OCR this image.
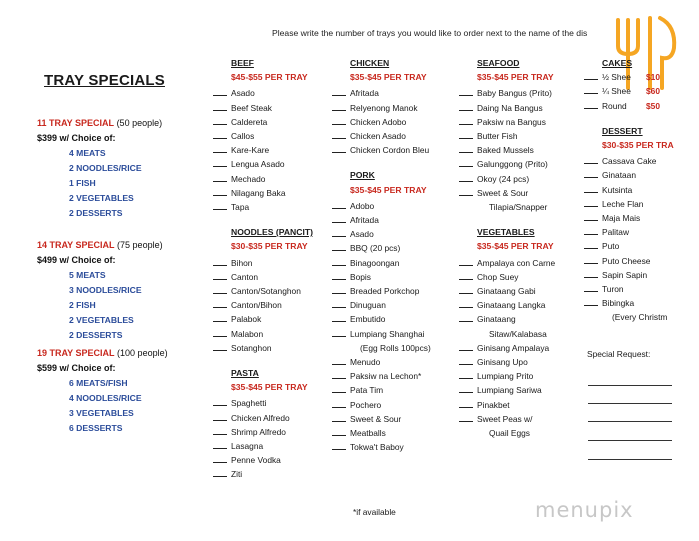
Please write the number of trays you would like to order next to the name of the dis
TRAY SPECIALS
11 TRAY SPECIAL (50 people)
$399 w/ Choice of:
4 MEATS
2 NOODLES/RICE
1 FISH
2 VEGETABLES
2 DESSERTS
14 TRAY SPECIAL (75 people)
$499 w/ Choice of:
5 MEATS
3 NOODLES/RICE
2 FISH
2 VEGETABLES
2 DESSERTS
19 TRAY SPECIAL (100 people)
$599 w/ Choice of:
6 MEATS/FISH
4 NOODLES/RICE
3 VEGETABLES
6 DESSERTS
BEEF
$45-$55 PER TRAY
Asado
Beef Steak
Caldereta
Callos
Kare-Kare
Lengua Asado
Mechado
Nilagang Baka
Tapa
NOODLES (PANCIT)
$30-$35 PER TRAY
Bihon
Canton
Canton/Sotanghon
Canton/Bihon
Palabok
Malabon
Sotanghon
PASTA
$35-$45 PER TRAY
Spaghetti
Chicken Alfredo
Shrimp Alfredo
Lasagna
Penne Vodka
Ziti
CHICKEN
$35-$45 PER TRAY
Afritada
Relyenong Manok
Chicken Adobo
Chicken Asado
Chicken Cordon Bleu
PORK
$35-$45 PER TRAY
Adobo
Afritada
Asado
BBQ (20 pcs)
Binagoongan
Bopis
Breaded Porkchop
Dinuguan
Embutido
Lumpiang Shanghai
(Egg Rolls 100pcs)
Menudo
Paksiw na Lechon*
Pata Tim
Pochero
Sweet & Sour
Meatballs
Tokwa't Baboy
SEAFOOD
$35-$45 PER TRAY
Baby Bangus (Prito)
Daing Na Bangus
Paksiw na Bangus
Butter Fish
Baked Mussels
Galunggong (Prito)
Okoy (24 pcs)
Sweet & Sour
Tilapia/Snapper
VEGETABLES
$35-$45 PER TRAY
Ampalaya con Carne
Chop Suey
Ginataang Gabi
Ginataang Langka
Ginataang
Sitaw/Kalabasa
Ginisang Ampalaya
Ginisang Upo
Lumpiang Prito
Lumpiang Sariwa
Pinakbet
Sweet Peas w/
Quail Eggs
CAKES
½ Shee $10
¼ Shee $60
Round $50
DESSERT
$30-$35 PER TRA
Cassava Cake
Ginataan
Kutsinta
Leche Flan
Maja Mais
Palitaw
Puto
Puto Cheese
Sapin Sapin
Turon
Bibingka
(Every Christm
Special Request:
*if available	menupix
